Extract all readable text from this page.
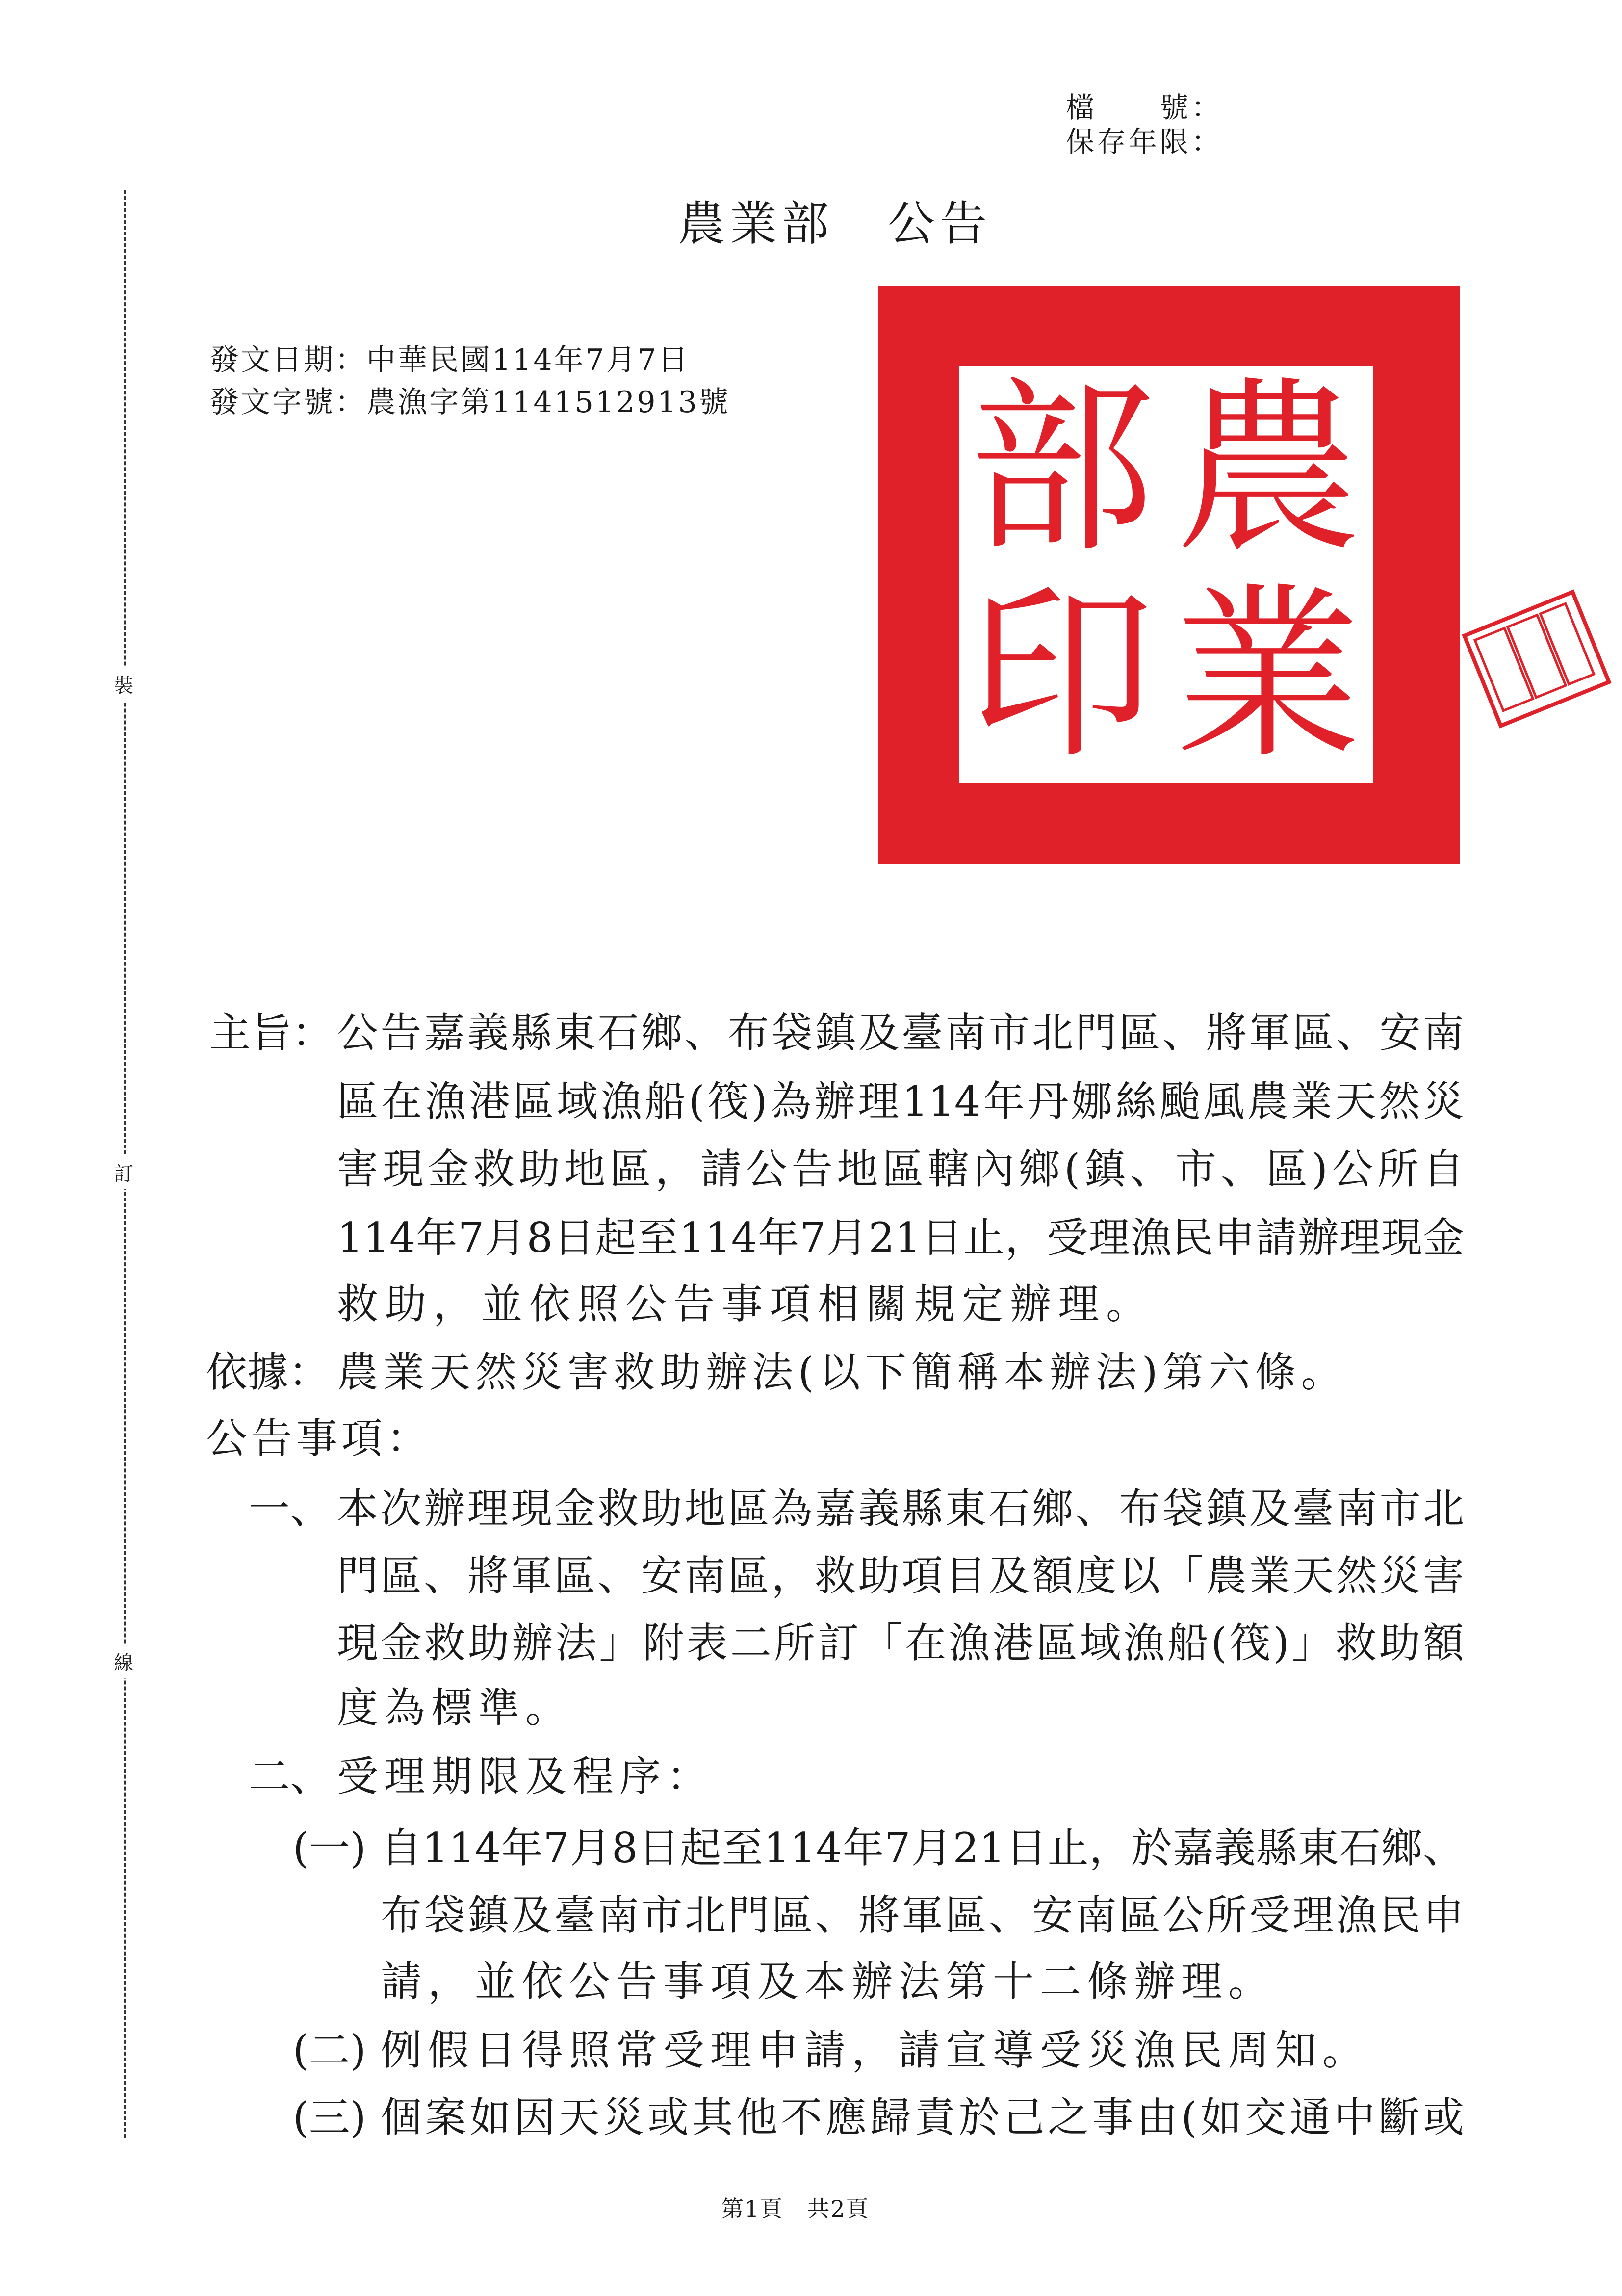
裝
訂
線
檔　　號：
保存年限：
農業部 公告
發文日期：中華民國114年7月7日
發文字號：農漁字第1141512913號 農
業
部
印
主旨： 公告嘉義縣東石鄉、布袋鎮及臺南市北門區、將軍區、安南
區在漁港區域漁船(筏)為辦理114年丹娜絲颱風農業天然災
害現金救助地區，請公告地區轄內鄉(鎮、市、區)公所自
114年7月8日起至114年7月21日止，受理漁民申請辦理現金
救助，並依照公告事項相關規定辦理。
依據： 農業天然災害救助辦法(以下簡稱本辦法)第六條。
公告事項：
一、 本次辦理現金救助地區為嘉義縣東石鄉、布袋鎮及臺南市北
門區、將軍區、安南區，救助項目及額度以「農業天然災害
現金救助辦法」附表二所訂「在漁港區域漁船(筏)」救助額
度為標準。
二、 受理期限及程序：
(一) 自114年7月8日起至114年7月21日止，於嘉義縣東石鄉、
布袋鎮及臺南市北門區、將軍區、安南區公所受理漁民申
請，並依公告事項及本辦法第十二條辦理。
(二) 例假日得照常受理申請，請宣導受災漁民周知。
(三) 個案如因天災或其他不應歸責於己之事由(如交通中斷或
第1頁　共2頁
